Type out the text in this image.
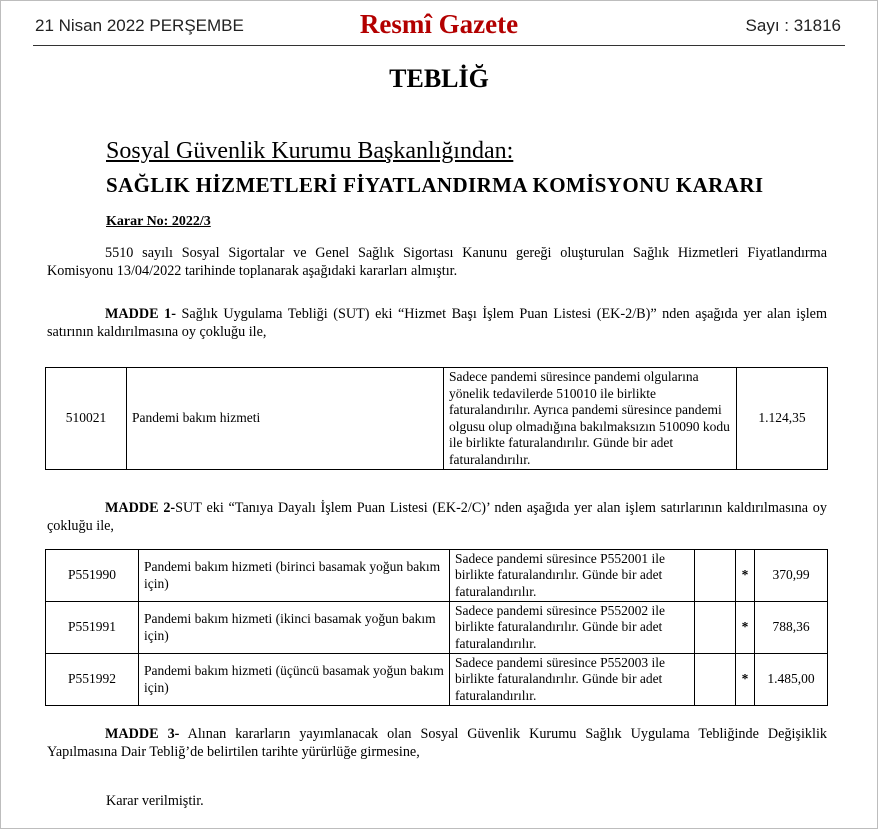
21 Nisan 2022 PERŞEMBE	Resmî Gazete	Sayı : 31816
TEBLİĞ
Sosyal Güvenlik Kurumu Başkanlığından:
SAĞLIK HİZMETLERİ FİYATLANDIRMA KOMİSYONU KARARI
Karar No: 2022/3
5510 sayılı Sosyal Sigortalar ve Genel Sağlık Sigortası Kanunu gereği oluşturulan Sağlık Hizmetleri Fiyatlandırma Komisyonu 13/04/2022 tarihinde toplanarak aşağıdaki kararları almıştır.
MADDE 1- Sağlık Uygulama Tebliği (SUT) eki “Hizmet Başı İşlem Puan Listesi (EK-2/B)” nden aşağıda yer alan işlem satırının kaldırılmasına oy çokluğu ile,
510021	Pandemi bakım hizmeti	Sadece pandemi süresince pandemi olgularına yönelik tedavilerde 510010 ile birlikte faturalandırılır. Ayrıca pandemi süresince pandemi olgusu olup olmadığına bakılmaksızın 510090 kodu ile birlikte faturalandırılır. Günde bir adet faturalandırılır.	1.124,35
MADDE 2-SUT eki “Tanıya Dayalı İşlem Puan Listesi (EK-2/C)’ nden aşağıda yer alan işlem satırlarının kaldırılmasına oy çokluğu ile,
P551990	Pandemi bakım hizmeti (birinci basamak yoğun bakım için)	Sadece pandemi süresince P552001 ile birlikte faturalandırılır. Günde bir adet faturalandırılır.		*	370,99
P551991	Pandemi bakım hizmeti (ikinci basamak yoğun bakım için)	Sadece pandemi süresince P552002 ile birlikte faturalandırılır. Günde bir adet faturalandırılır.		*	788,36
P551992	Pandemi bakım hizmeti (üçüncü basamak yoğun bakım için)	Sadece pandemi süresince P552003 ile birlikte faturalandırılır. Günde bir adet faturalandırılır.		*	1.485,00
MADDE 3- Alınan kararların yayımlanacak olan Sosyal Güvenlik Kurumu Sağlık Uygulama Tebliğinde Değişiklik Yapılmasına Dair Tebliğ’de belirtilen tarihte yürürlüğe girmesine,
Karar verilmiştir.
